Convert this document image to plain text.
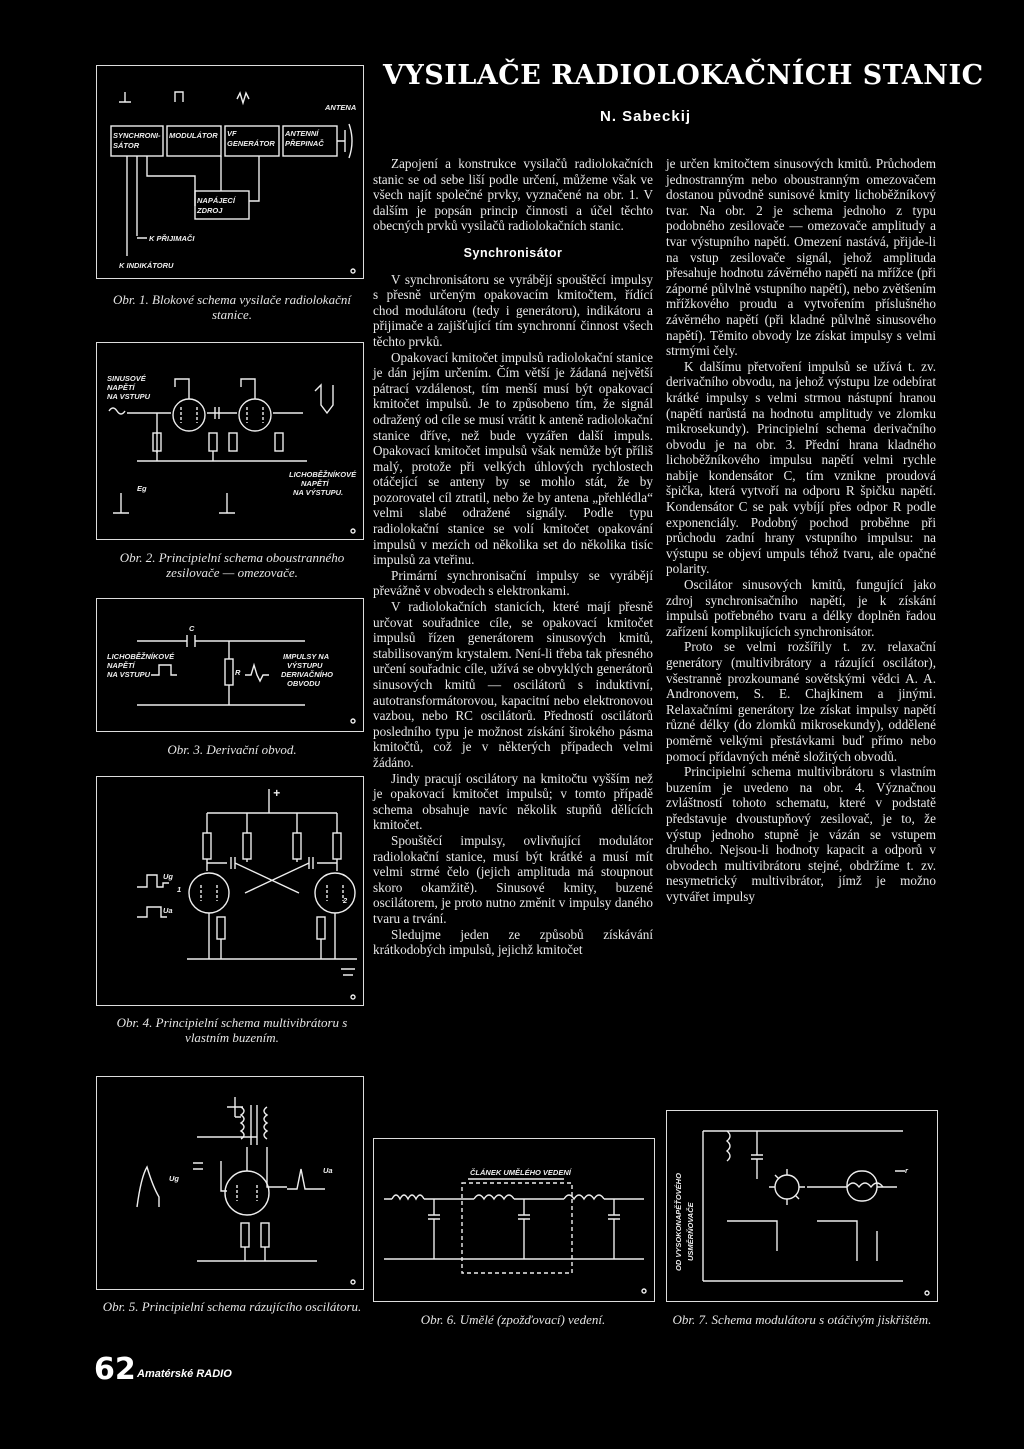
VYSILAČE RADIOLOKAČNÍCH STANIC
N. Sabeckij
ANTENA
SYNCHRONI-
SÁTOR
MODULÁTOR VF
GENERÁTOR
ANTENNÍ
PŘEPINAČ
NAPÁJECÍ
ZDROJ
K PŘIJIMAČI
K INDIKÁTORU
Obr. 1. Blokové schema vysilače radiolokační stanice.
SINUSOVÉ
NAPĚTÍ
NA VSTUPU
LICHOBĚŽNÍKOVÉ
NAPĚTÍ
NA VÝSTUPU.
Eg
Obr. 2. Principielní schema oboustranného zesilovače — omezovače.
C
R
LICHOBĚŽNÍKOVÉ
NAPĚTÍ
NA VSTUPU
IMPULSY NA
VÝSTUPU
DERIVAČNÍHO
OBVODU
Obr. 3. Derivační obvod.
+
Ug
Ua
1
2
Obr. 4. Principielní schema multivibrátoru s vlastním buzením.
Ug
Ua
Obr. 5. Principielní schema rázujícího oscilátoru.
ČLÁNEK UMĚLÉHO VEDENÍ
Obr. 6. Umělé (zpožďovací) vedení.
OD VYSOKONAPĚŤOVÉHO USMĚRŇOVAČE
r
Obr. 7. Schema modulátoru s otáčivým jiskřištěm.

Zapojení a konstrukce vysilačů radiolokačních stanic se od sebe liší podle určení, můžeme však ve všech najít společné prvky, vyznačené na obr. 1. V dalším je popsán princip činnosti a účel těchto obecných prvků vysilačů radiolokačních stanic.

Synchronisátor

V synchronisátoru se vyrábějí spouštěcí impulsy s přesně určeným opakovacím kmitočtem, řídící chod modulátoru (tedy i generátoru), indikátoru a přijimače a zajišťující tím synchronní činnost všech těchto prvků.

Opakovací kmitočet impulsů radiolokační stanice je dán jejím určením. Čím větší je žádaná největší pátrací vzdálenost, tím menší musí být opakovací kmitočet impulsů. Je to způsobeno tím, že signál odražený od cíle se musí vrátit k anteně radiolokační stanice dříve, než bude vyzářen další impuls. Opakovací kmitočet impulsů však nemůže být příliš malý, protože při velkých úhlových rychlostech otáčející se anteny by se mohlo stát, že by pozorovatel cíl ztratil, nebo že by antena „přehlédla“ velmi slabé odražené signály. Podle typu radiolokační stanice se volí kmitočet opakování impulsů v mezích od několika set do několika tisíc impulsů za vteřinu.

Primární synchronisační impulsy se vyrábějí převážně v obvodech s elektronkami.

V radiolokačních stanicích, které mají přesně určovat souřadnice cíle, se opakovací kmitočet impulsů řízen generátorem sinusových kmitů, stabilisovaným krystalem. Není-li třeba tak přesného určení souřadnic cíle, užívá se obvyklých generátorů sinusových kmitů — oscilátorů s induktivní, autotransformátorovou, kapacitní nebo elektronovou vazbou, nebo RC oscilátorů. Předností oscilátorů posledního typu je možnost získání širokého pásma kmitočtů, což je v některých případech velmi žádáno.

Jindy pracují oscilátory na kmitočtu vyšším než je opakovací kmitočet impulsů; v tomto případě schema obsahuje navíc několik stupňů dělících kmitočet.

Spouštěcí impulsy, ovlivňující modulátor radiolokační stanice, musí být krátké a musí mít velmi strmé čelo (jejich amplituda má stoupnout skoro okamžitě). Sinusové kmity, buzené oscilátorem, je proto nutno změnit v impulsy daného tvaru a trvání.

Sledujme jeden ze způsobů získávání krátkodobých impulsů, jejichž kmitočet

je určen kmitočtem sinusových kmitů. Průchodem jednostranným nebo oboustranným omezovačem dostanou původně sunisové kmity lichoběžníkový tvar. Na obr. 2 je schema jednoho z typu podobného zesilovače — omezovače amplitudy a tvar výstupního napětí. Omezení nastává, přijde-li na vstup zesilovače signál, jehož amplituda přesahuje hodnotu závěrného napětí na mřížce (při záporné půlvlně vstupního napětí), nebo zvětšením mřížkového proudu a vytvořením příslušného závěrného napětí (při kladné půlvlně sinusového napětí). Těmito obvody lze získat impulsy s velmi strmými čely.

K dalšímu přetvoření impulsů se užívá t. zv. derivačního obvodu, na jehož výstupu lze odebírat krátké impulsy s velmi strmou nástupní hranou (napětí narůstá na hodnotu amplitudy ve zlomku mikrosekundy). Principielní schema derivačního obvodu je na obr. 3. Přední hrana kladného lichoběžníkového impulsu napětí velmi rychle nabije kondensátor C, tím vznikne proudová špička, která vytvoří na odporu R špičku napětí. Kondensátor C se pak vybíjí přes odpor R podle exponenciály. Podobný pochod proběhne při průchodu zadní hrany vstupního impulsu: na výstupu se objeví umpuls téhož tvaru, ale opačné polarity.

Oscilátor sinusových kmitů, fungující jako zdroj synchronisačního napětí, je k získání impulsů potřebného tvaru a délky doplněn řadou zařízení komplikujících synchronisátor.

Proto se velmi rozšířily t. zv. relaxační generátory (multivibrátory a rázující oscilátor), všestranně prozkoumané sovětskými vědci A. A. Andronovem, S. E. Chajkinem a jinými. Relaxačními generátory lze získat impulsy napětí různé délky (do zlomků mikrosekundy), oddělené poměrně velkými přestávkami buď přímo nebo pomocí přídavných méně složitých obvodů.

Principielní schema multivibrátoru s vlastním buzením je uvedeno na obr. 4. Význačnou zvláštností tohoto schematu, které v podstatě představuje dvoustupňový zesilovač, je to, že výstup jednoho stupně je vázán se vstupem druhého. Nejsou-li hodnoty kapacit a odporů v obvodech multivibrátoru stejné, obdržíme t. zv. nesymetrický multivibrátor, jímž je možno vytvářet impulsy

62 Amatérské RADIO
